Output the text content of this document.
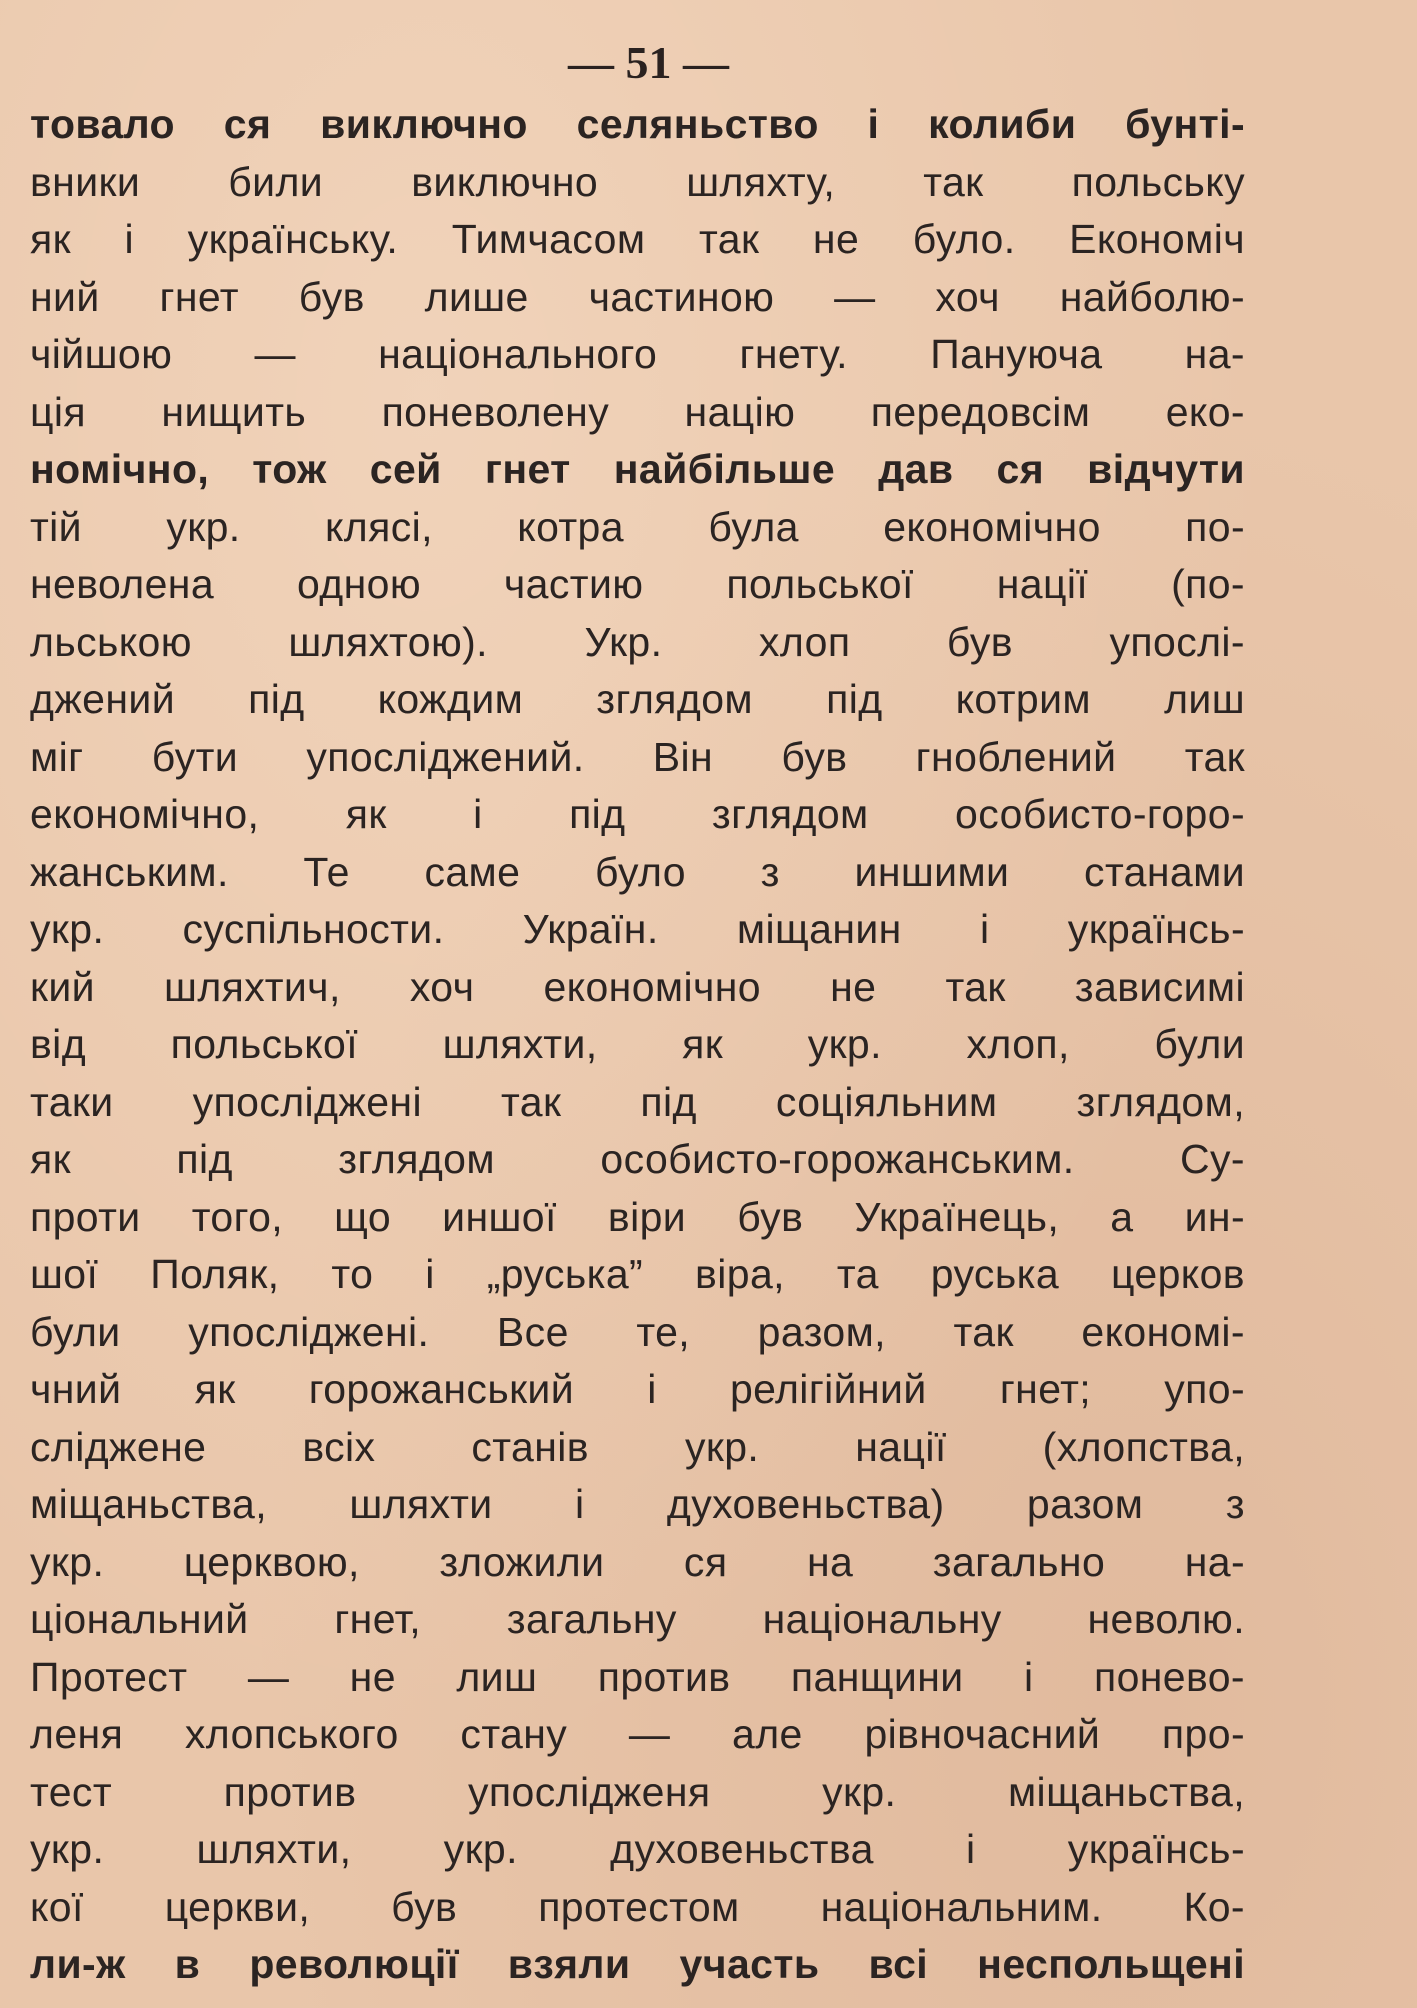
— 51 —
товало ся виключно селяньство і колиби бунті-
вники били виключно шляхту, так польську
як і українську. Тимчасом так не було. Економіч
ний гнет був лише частиною — хоч найболю-
чійшою — національного гнету. Пануюча на-
ція нищить поневолену націю передовсім еко-
номічно, тож сей гнет найбільше дав ся відчути
тій укр. клясі, котра була економічно по-
неволена одною частию польської нації (по-
льською шляхтою). Укр. хлоп був упослі-
джений під кождим зглядом під котрим лиш
міг бути упосліджений. Він був гноблений так
економічно, як і під зглядом особисто-горо-
жанським. Те саме було з иншими станами
укр. суспільности. Україн. міщанин і українсь-
кий шляхтич, хоч економічно не так зависимі
від польської шляхти, як укр. хлоп, були
таки упосліджені так під соціяльним зглядом,
як під зглядом особисто-горожанським. Су-
проти того, що иншої віри був Українець, а ин-
шої Поляк, то і „руська” віра, та руська церков
були упосліджені. Все те, разом, так економі-
чний як горожанський і релігійний гнет; упо-
сліджене всіх станів укр. нації (хлопства,
міщаньства, шляхти і духовеньства) разом з
укр. церквою, зложили ся на загально на-
ціональний гнет, загальну національну неволю.
Протест — не лиш против панщини і понево-
леня хлопського стану — але рівночасний про-
тест против упосліджeня укр. міщаньства,
укр. шляхти, укр. духовеньства і українсь-
кої церкви, був протестом національним. Ко-
ли-ж в революції взяли участь всі неспольщені
